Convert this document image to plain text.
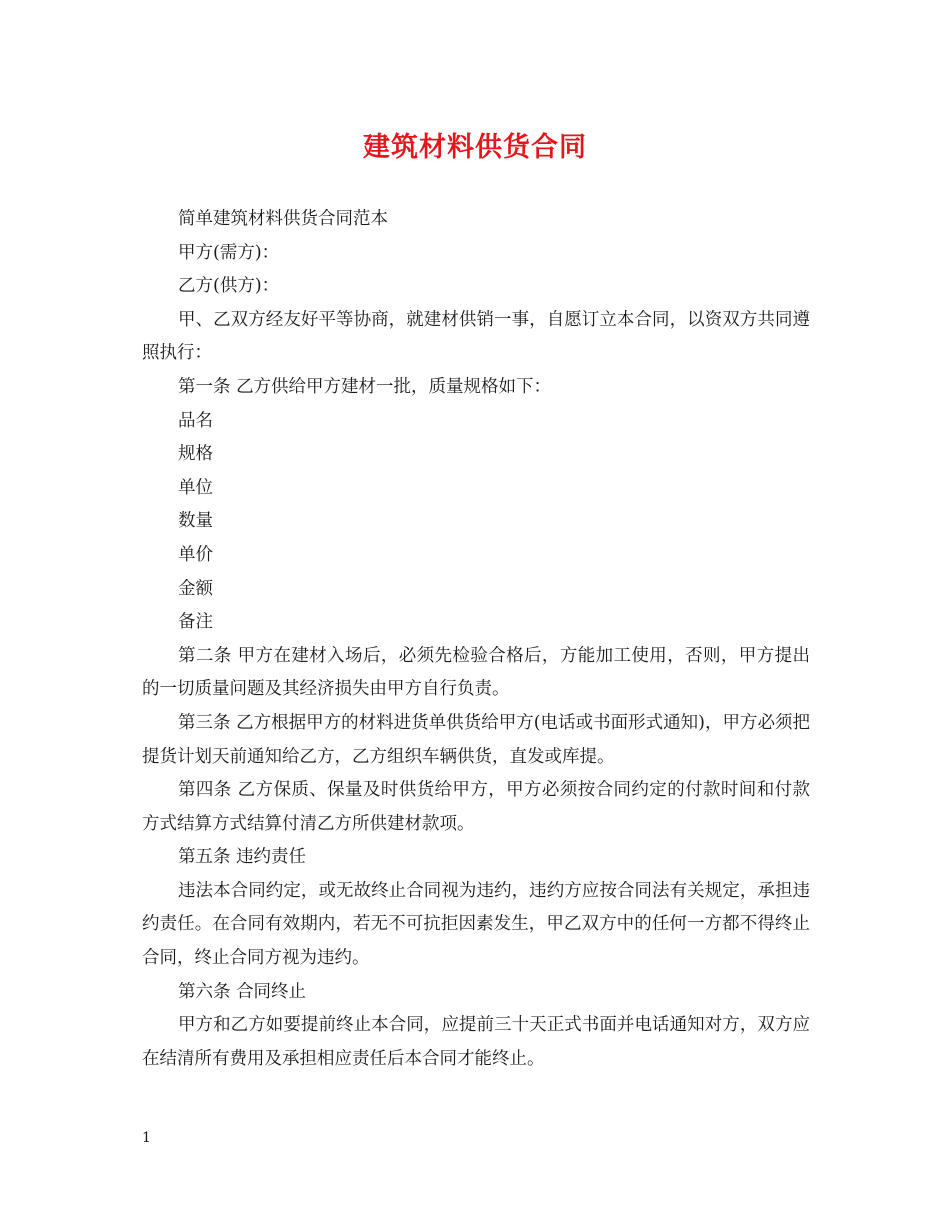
建筑材料供货合同

简单建筑材料供货合同范本

甲方(需方)：

乙方(供方)：

甲、乙双方经友好平等协商，就建材供销一事，自愿订立本合同，以资双方共同遵照执行：

第一条 乙方供给甲方建材一批，质量规格如下：

品名

规格

单位

数量

单价

金额

备注

第二条 甲方在建材入场后，必须先检验合格后，方能加工使用，否则，甲方提出的一切质量问题及其经济损失由甲方自行负责。

第三条 乙方根据甲方的材料进货单供货给甲方(电话或书面形式通知)，甲方必须把提货计划天前通知给乙方，乙方组织车辆供货，直发或库提。

第四条 乙方保质、保量及时供货给甲方，甲方必须按合同约定的付款时间和付款方式结算方式结算付清乙方所供建材款项。

第五条 违约责任

违法本合同约定，或无故终止合同视为违约，违约方应按合同法有关规定，承担违约责任。在合同有效期内，若无不可抗拒因素发生，甲乙双方中的任何一方都不得终止合同，终止合同方视为违约。

第六条 合同终止

甲方和乙方如要提前终止本合同，应提前三十天正式书面并电话通知对方，双方应在结清所有费用及承担相应责任后本合同才能终止。

1
